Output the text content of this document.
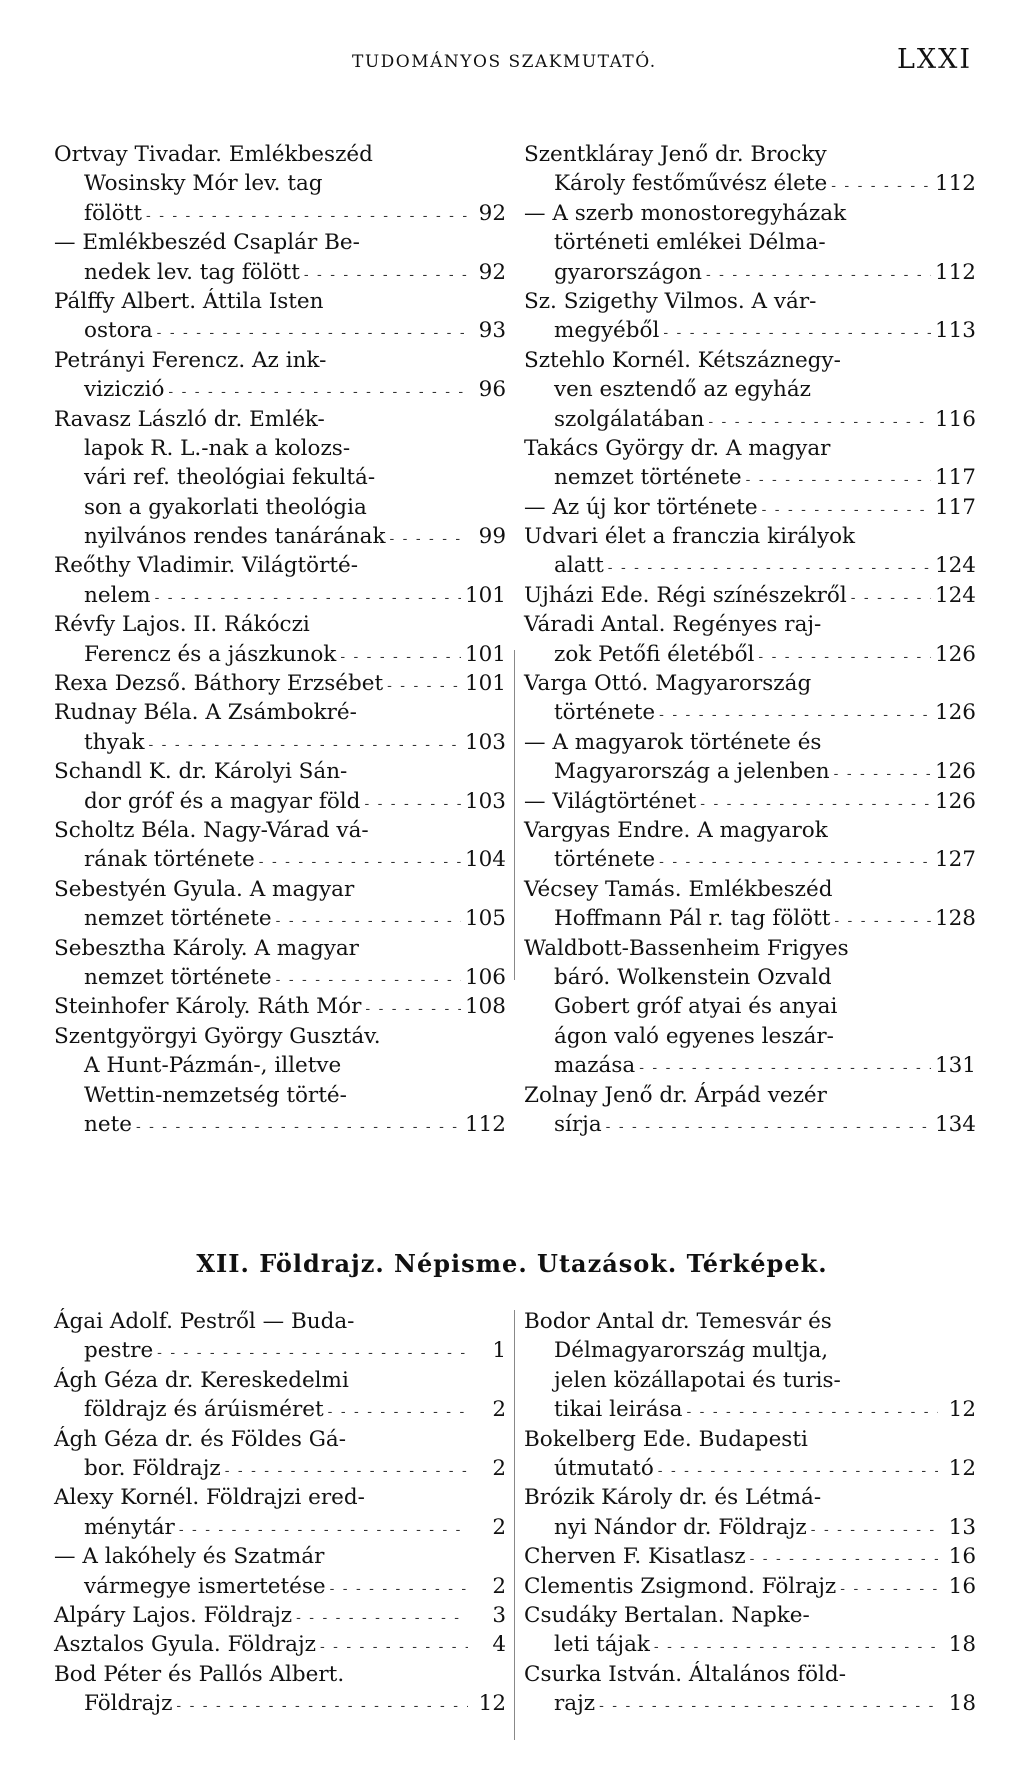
TUDOMÁNYOS SZAKMUTATÓ.	LXXI
Ortvay Tivadar. Emlékbeszéd
Wosinsky Mór lev. tag
fölött - - -	92
— Emlékbeszéd Csaplár Be-
nedek lev. tag fölött - - -	92
Pálffy Albert. Áttila Isten
ostora - - -	93
Petrányi Ferencz. Az ink-
viziczió - - -	96
Ravasz László dr. Emlék-
lapok R. L.-nak a kolozs-
vári ref. theológiai fekultá-
son a gyakorlati theológia
nyilvános rendes tanárának - - -	99
Reőthy Vladimir. Világtörté-
nelem - - -	101
Révfy Lajos. II. Rákóczi
Ferencz és a jászkunok - - -	101
Rexa Dezső. Báthory Erzsébet - - -	101
Rudnay Béla. A Zsámbokré-
thyak - - -	103
Schandl K. dr. Károlyi Sán-
dor gróf és a magyar föld - - -	103
Scholtz Béla. Nagy-Várad vá-
rának története - - -	104
Sebestyén Gyula. A magyar
nemzet története - - -	105
Sebesztha Károly. A magyar
nemzet története - - -	106
Steinhofer Károly. Ráth Mór - - -	108
Szentgyörgyi György Gusztáv.
A Hunt-Pázmán-, illetve
Wettin-nemzetség törté-
nete - - -	112
Szentkláray Jenő dr. Brocky
Károly festőművész élete - - -	112
— A szerb monostoregyházak
történeti emlékei Délma-
gyarországon - - -	112
Sz. Szigethy Vilmos. A vár-
megyéből - - -	113
Sztehlo Kornél. Kétszáznegy-
ven esztendő az egyház
szolgálatában - - -	116
Takács György dr. A magyar
nemzet története - - -	117
— Az új kor története - - -	117
Udvari élet a franczia királyok
alatt - - -	124
Ujházi Ede. Régi színészekről - - -	124
Váradi Antal. Regényes raj-
zok Petőfi életéből - - -	126
Varga Ottó. Magyarország
története - - -	126
— A magyarok története és
Magyarország a jelenben - - -	126
— Világtörténet - - -	126
Vargyas Endre. A magyarok
története - - -	127
Vécsey Tamás. Emlékbeszéd
Hoffmann Pál r. tag fölött - - -	128
Waldbott-Bassenheim Frigyes
báró. Wolkenstein Ozvald
Gobert gróf atyai és anyai
ágon való egyenes leszár-
mazása - - -	131
Zolnay Jenő dr. Árpád vezér
sírja - - -	134
XII. Földrajz. Népisme. Utazások. Térképek.
Ágai Adolf. Pestről — Buda-
pestre - - -	1
Ágh Géza dr. Kereskedelmi
földrajz és árúisméret - - -	2
Ágh Géza dr. és Földes Gá-
bor. Földrajz - - -	2
Alexy Kornél. Földrajzi ered-
ménytár - - -	2
— A lakóhely és Szatmár
vármegye ismertetése - - -	2
Alpáry Lajos. Földrajz - - -	3
Asztalos Gyula. Földrajz - - -	4
Bod Péter és Pallós Albert.
Földrajz - - -	12
Bodor Antal dr. Temesvár és
Délmagyarország multja,
jelen közállapotai és turis-
tikai leirása - - -	12
Bokelberg Ede. Budapesti
útmutató - - -	12
Brózik Károly dr. és Létmá-
nyi Nándor dr. Földrajz - - -	13
Cherven F. Kisatlasz - - -	16
Clementis Zsigmond. Fölrajz - - -	16
Csudáky Bertalan. Napke-
leti tájak - - -	18
Csurka István. Általános föld-
rajz - - -	18
